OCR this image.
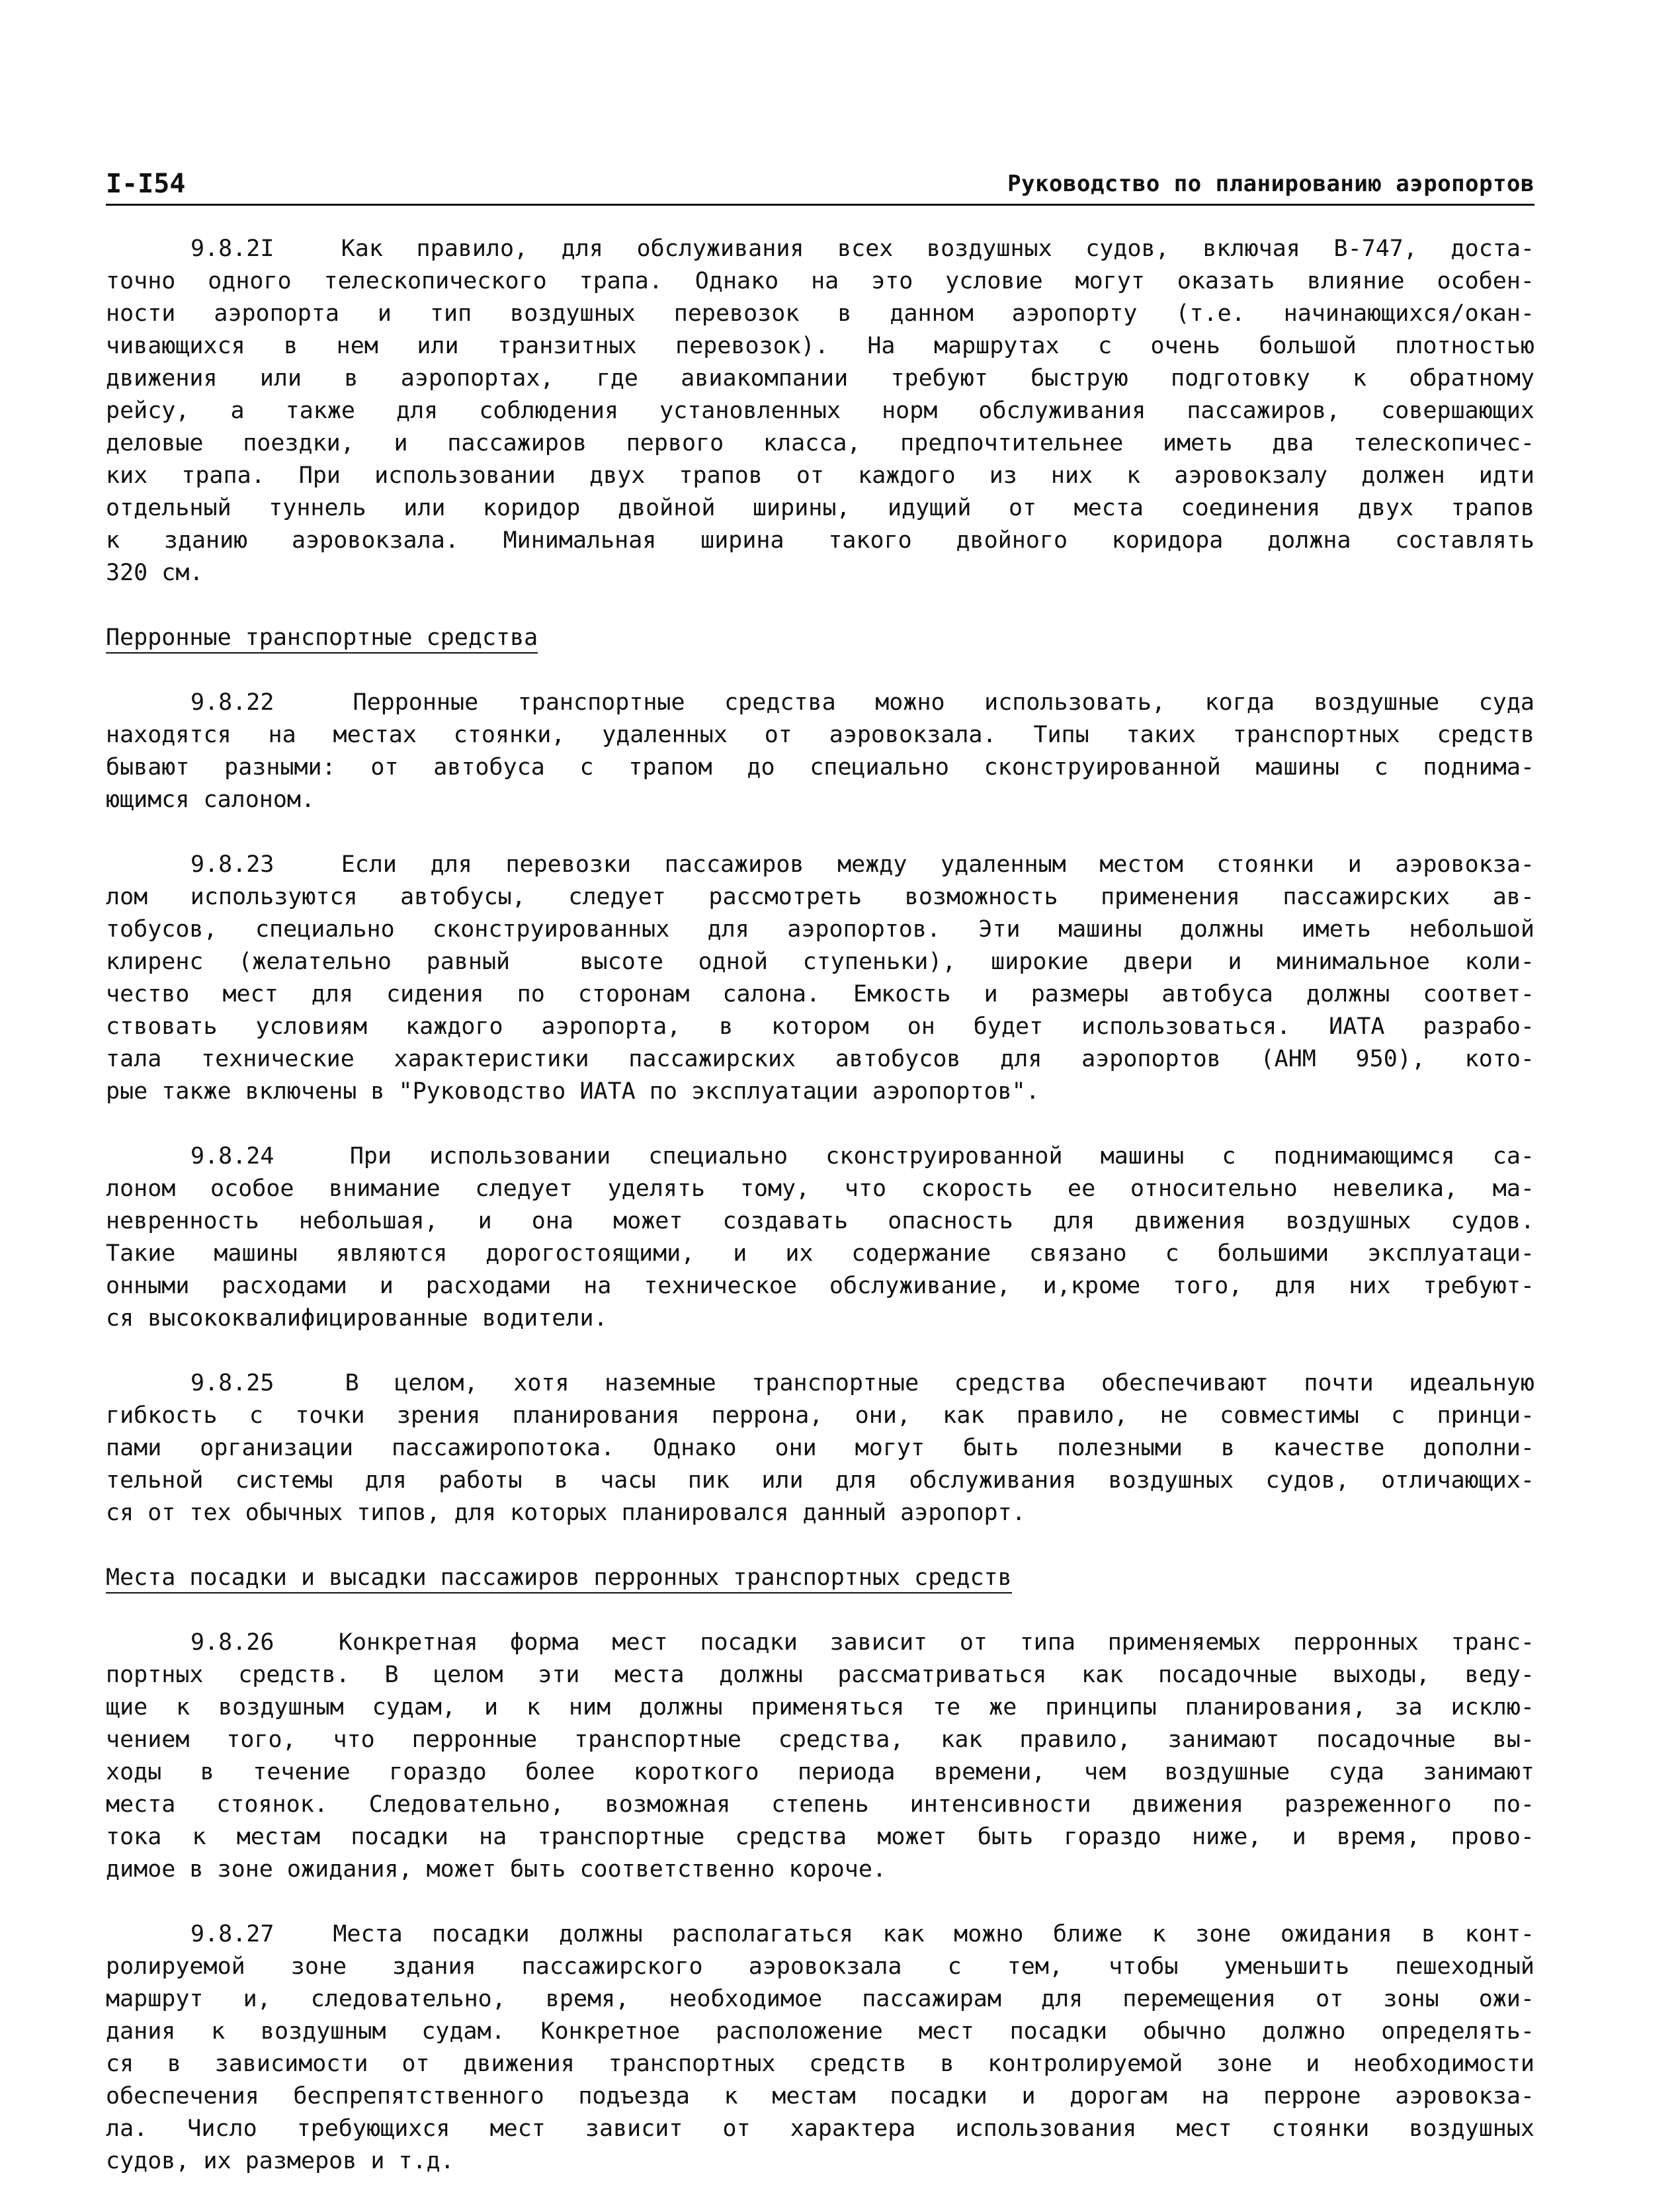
I-I54	Руководство по планированию аэропортов
9.8.2I  Как правило, для обслуживания всех воздушных судов, включая В-747, доста-
точно одного телескопического трапа. Однако на это условие могут оказать влияние особен-
ности аэропорта и тип воздушных перевозок в данном аэропорту (т.е. начинающихся/окан-
чивающихся в нем или транзитных перевозок). На маршрутах с очень большой плотностью
движения или в аэропортах, где авиакомпании требуют быструю подготовку к обратному
рейсу, а также для соблюдения установленных норм обслуживания пассажиров, совершающих
деловые поездки, и пассажиров первого класса, предпочтительнее иметь два телескопичес-
ких трапа. При использовании двух трапов от каждого из них к аэровокзалу должен идти
отдельный туннель или коридор двойной ширины, идущий от места соединения двух трапов
к зданию аэровокзала. Минимальная ширина такого двойного коридора должна составлять
320 см.
Перронные транспортные средства
9.8.22  Перронные транспортные средства можно использовать, когда воздушные суда
находятся на местах стоянки, удаленных от аэровокзала. Типы таких транспортных средств
бывают разными: от автобуса с трапом до специально сконструированной машины с поднима-
ющимся салоном.
9.8.23  Если для перевозки пассажиров между удаленным местом стоянки и аэровокза-
лом используются автобусы, следует рассмотреть возможность применения пассажирских ав-
тобусов, специально сконструированных для аэропортов. Эти машины должны иметь небольшой
клиренс (желательно равный  высоте одной ступеньки), широкие двери и минимальное коли-
чество мест для сидения по сторонам салона. Емкость и размеры автобуса должны соответ-
ствовать условиям каждого аэропорта, в котором он будет использоваться. ИАТА разрабо-
тала технические характеристики пассажирских автобусов для аэропортов (АНМ 950), кото-
рые также включены в "Руководство ИАТА по эксплуатации аэропортов".
9.8.24  При использовании специально сконструированной машины с поднимающимся са-
лоном особое внимание следует уделять тому, что скорость ее относительно невелика, ма-
невренность небольшая, и она может создавать опасность для движения воздушных судов.
Такие машины являются дорогостоящими, и их содержание связано с большими эксплуатаци-
онными расходами и расходами на техническое обслуживание, и,кроме того, для них требуют-
ся высококвалифицированные водители.
9.8.25  В целом, хотя наземные транспортные средства обеспечивают почти идеальную
гибкость с точки зрения планирования перрона, они, как правило, не совместимы с принци-
пами организации пассажиропотока. Однако они могут быть полезными в качестве дополни-
тельной системы для работы в часы пик или для обслуживания воздушных судов, отличающих-
ся от тех обычных типов, для которых планировался данный аэропорт.
Места посадки и высадки пассажиров перронных транспортных средств
9.8.26  Конкретная форма мест посадки зависит от типа применяемых перронных транс-
портных средств. В целом эти места должны рассматриваться как посадочные выходы, веду-
щие к воздушным судам, и к ним должны применяться те же принципы планирования, за исклю-
чением того, что перронные транспортные средства, как правило, занимают посадочные вы-
ходы в течение гораздо более короткого периода времени, чем воздушные суда занимают
места стоянок. Следовательно, возможная степень интенсивности движения разреженного по-
тока к местам посадки на транспортные средства может быть гораздо ниже, и время, прово-
димое в зоне ожидания, может быть соответственно короче.
9.8.27  Места посадки должны располагаться как можно ближе к зоне ожидания в конт-
ролируемой зоне здания пассажирского аэровокзала с тем, чтобы уменьшить пешеходный
маршрут и, следовательно, время, необходимое пассажирам для перемещения от зоны ожи-
дания к воздушным судам. Конкретное расположение мест посадки обычно должно определять-
ся в зависимости от движения транспортных средств в контролируемой зоне и необходимости
обеспечения беспрепятственного подъезда к местам посадки и дорогам на перроне аэровокза-
ла. Число требующихся мест зависит от характера использования мест стоянки воздушных
судов, их размеров и т.д.
